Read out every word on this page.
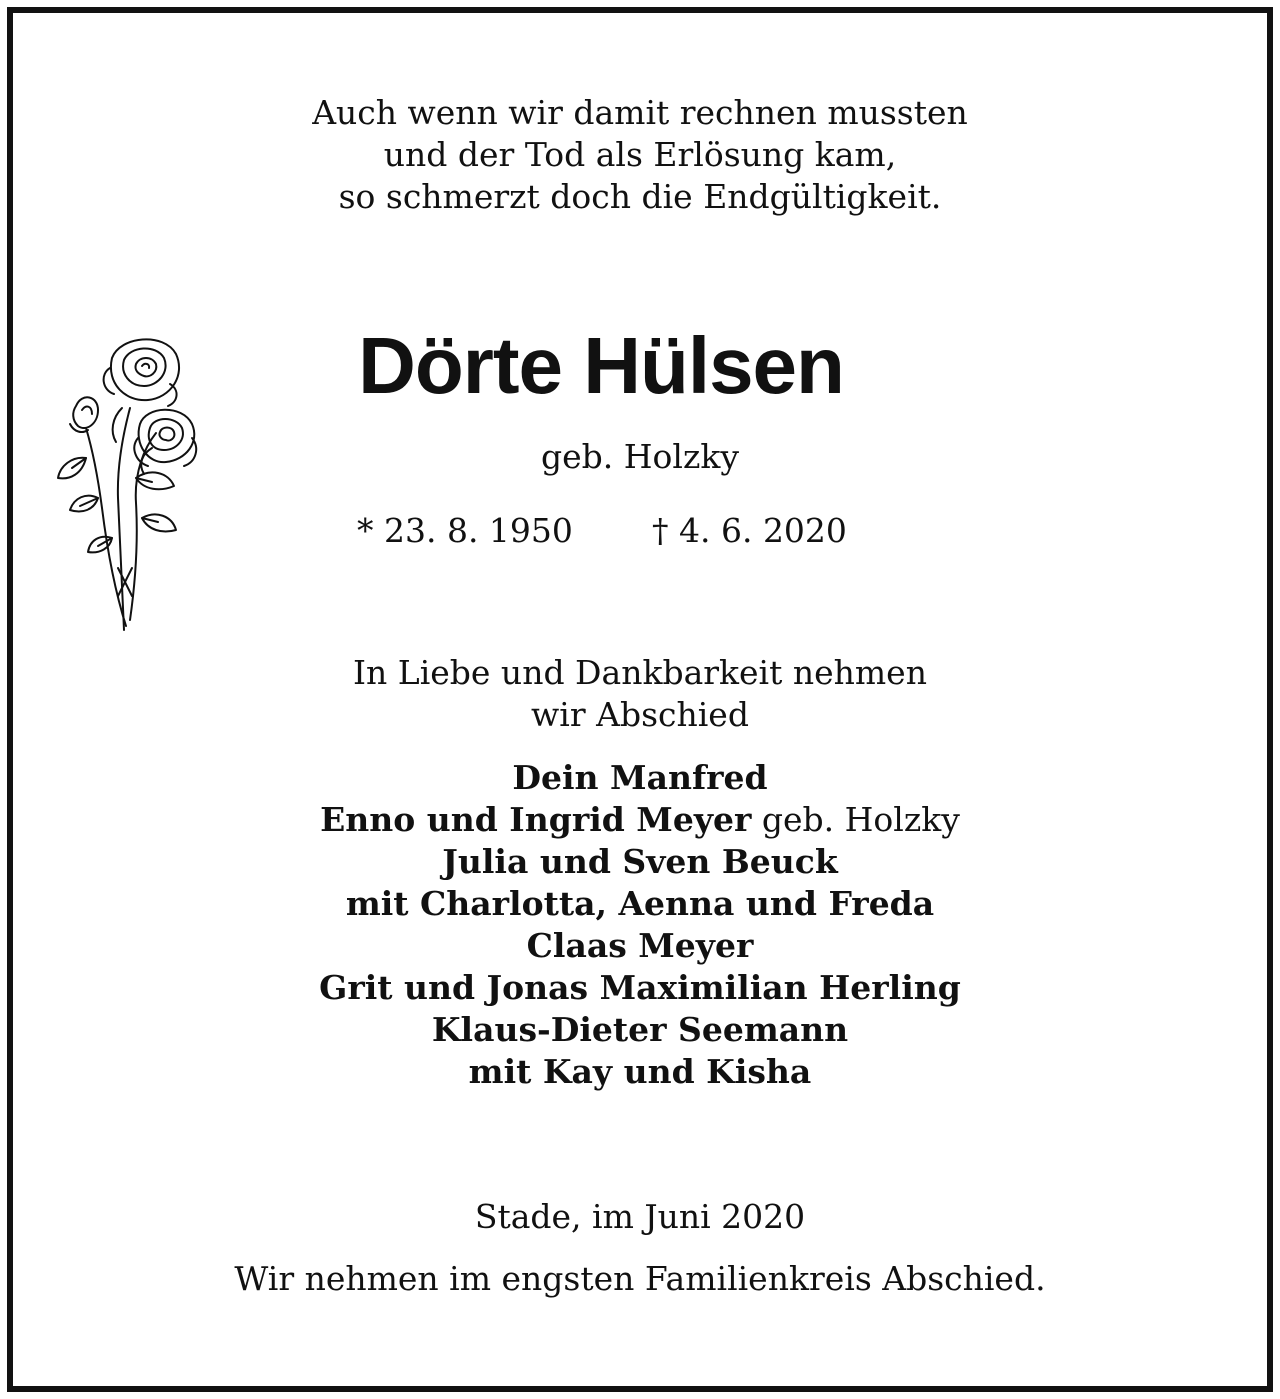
Auch wenn wir damit rechnen mussten
und der Tod als Erlösung kam,
so schmerzt doch die Endgültigkeit.
Dörte Hülsen
geb. Holzky
* 23. 8. 1950 † 4. 6. 2020
In Liebe und Dankbarkeit nehmen
wir Abschied
Dein Manfred
Enno und Ingrid Meyer geb. Holzky
Julia und Sven Beuck
mit Charlotta, Aenna und Freda
Claas Meyer
Grit und Jonas Maximilian Herling
Klaus-Dieter Seemann
mit Kay und Kisha
Stade, im Juni 2020
Wir nehmen im engsten Familienkreis Abschied.
